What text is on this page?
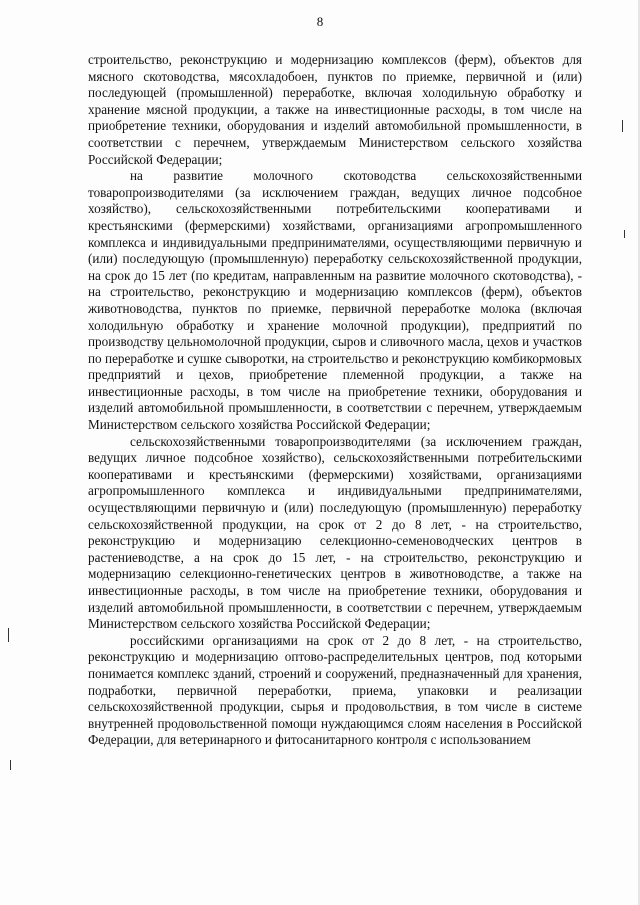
8

строительство, реконструкцию и модернизацию комплексов (ферм), объектов для мясного скотоводства, мясохладобоен, пунктов по приемке, первичной и (или) последующей (промышленной) переработке, включая холодильную обработку и хранение мясной продукции, а также на инвестиционные расходы, в том числе на приобретение техники, оборудования и изделий автомобильной промышленности, в соответствии с перечнем, утверждаемым Министерством сельского хозяйства Российской Федерации;

на развитие молочного скотоводства сельскохозяйственными товаропроизводителями (за исключением граждан, ведущих личное подсобное хозяйство), сельскохозяйственными потребительскими кооперативами и крестьянскими (фермерскими) хозяйствами, организациями агропромышленного комплекса и индивидуальными предпринимателями, осуществляющими первичную и (или) последующую (промышленную) переработку сельскохозяйственной продукции, на срок до 15 лет (по кредитам, направленным на развитие молочного скотоводства), - на строительство, реконструкцию и модернизацию комплексов (ферм), объектов животноводства, пунктов по приемке, первичной переработке молока (включая холодильную обработку и хранение молочной продукции), предприятий по производству цельномолочной продукции, сыров и сливочного масла, цехов и участков по переработке и сушке сыворотки, на строительство и реконструкцию комбикормовых предприятий и цехов, приобретение племенной продукции, а также на инвестиционные расходы, в том числе на приобретение техники, оборудования и изделий автомобильной промышленности, в соответствии с перечнем, утверждаемым Министерством сельского хозяйства Российской Федерации;

сельскохозяйственными товаропроизводителями (за исключением граждан, ведущих личное подсобное хозяйство), сельскохозяйственными потребительскими кооперативами и крестьянскими (фермерскими) хозяйствами, организациями агропромышленного комплекса и индивидуальными предпринимателями, осуществляющими первичную и (или) последующую (промышленную) переработку сельскохозяйственной продукции, на срок от 2 до 8 лет, - на строительство, реконструкцию и модернизацию селекционно-семеноводческих центров в растениеводстве, а на срок до 15 лет, - на строительство, реконструкцию и модернизацию селекционно-генетических центров в животноводстве, а также на инвестиционные расходы, в том числе на приобретение техники, оборудования и изделий автомобильной промышленности, в соответствии с перечнем, утверждаемым Министерством сельского хозяйства Российской Федерации;

российскими организациями на срок от 2 до 8 лет, - на строительство, реконструкцию и модернизацию оптово-распределительных центров, под которыми понимается комплекс зданий, строений и сооружений, предназначенный для хранения, подработки, первичной переработки, приема, упаковки и реализации сельскохозяйственной продукции, сырья и продовольствия, в том числе в системе внутренней продовольственной помощи нуждающимся слоям населения в Российской Федерации, для ветеринарного и фитосанитарного контроля с использованием
